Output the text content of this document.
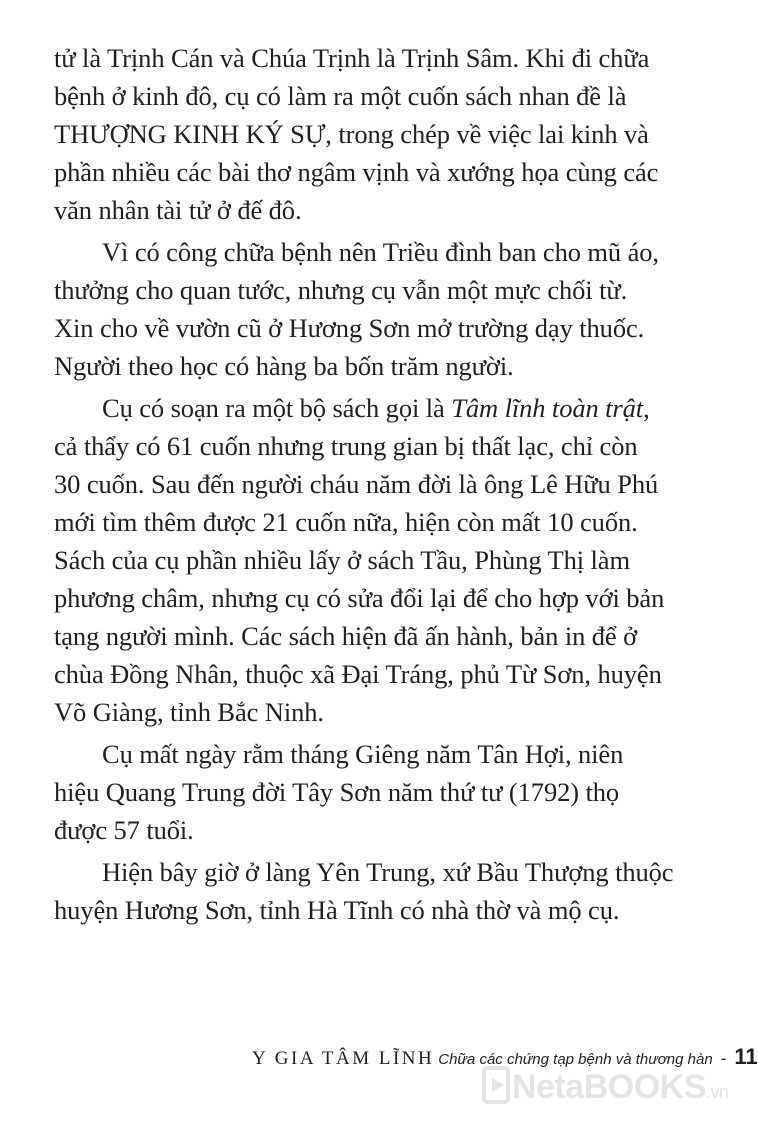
tử là Trịnh Cán và Chúa Trịnh là Trịnh Sâm. Khi đi chữa
bệnh ở kinh đô, cụ có làm ra một cuốn sách nhan đề là
THƯỢNG KINH KÝ SỰ, trong chép về việc lai kinh và
phần nhiều các bài thơ ngâm vịnh và xướng họa cùng các
văn nhân tài tử ở đế đô.
Vì có công chữa bệnh nên Triều đình ban cho mũ áo,
thưởng cho quan tước, nhưng cụ vẫn một mực chối từ.
Xin cho về vườn cũ ở Hương Sơn mở trường dạy thuốc.
Người theo học có hàng ba bốn trăm người.
Cụ có soạn ra một bộ sách gọi là Tâm lĩnh toàn trật,
cả thẩy có 61 cuốn nhưng trung gian bị thất lạc, chỉ còn
30 cuốn. Sau đến người cháu năm đời là ông Lê Hữu Phú
mới tìm thêm được 21 cuốn nữa, hiện còn mất 10 cuốn.
Sách của cụ phần nhiều lấy ở sách Tầu, Phùng Thị làm
phương châm, nhưng cụ có sửa đổi lại để cho hợp với bản
tạng người mình. Các sách hiện đã ấn hành, bản in để ở
chùa Đồng Nhân, thuộc xã Đại Tráng, phủ Từ Sơn, huyện
Võ Giàng, tỉnh Bắc Ninh.
Cụ mất ngày rằm tháng Giêng năm Tân Hợi, niên
hiệu Quang Trung đời Tây Sơn năm thứ tư (1792) thọ
được 57 tuổi.
Hiện bây giờ ở làng Yên Trung, xứ Bầu Thượng thuộc
huyện Hương Sơn, tỉnh Hà Tĩnh có nhà thờ và mộ cụ.
Y GIA TÂM LĨNH Chữa các chứng tạp bệnh và thương hàn - 11
NetaBOOKS.vn
